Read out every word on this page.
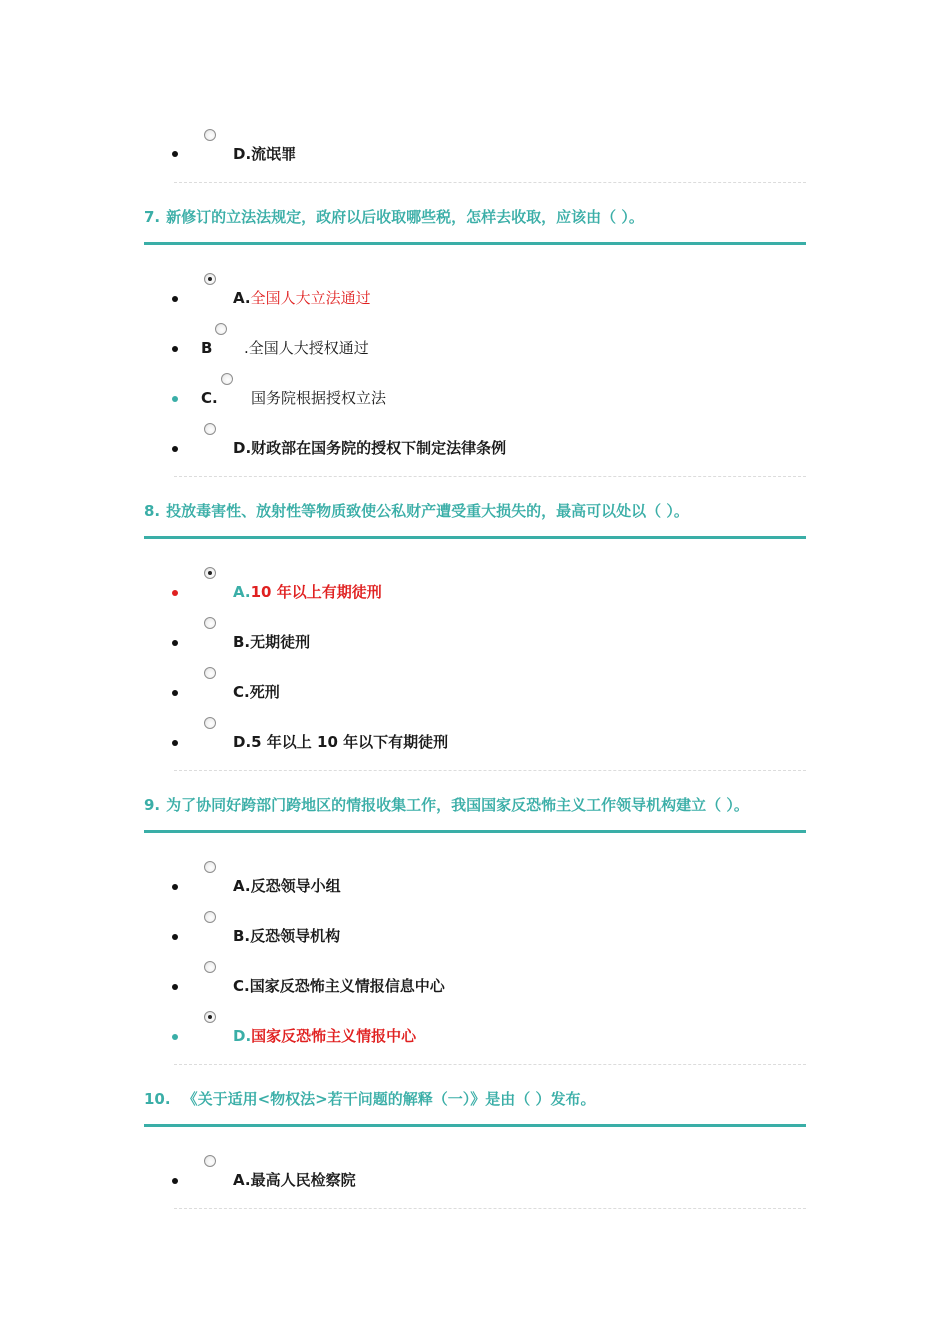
D.流氓罪
7. 新修订的立法法规定，政府以后收取哪些税，怎样去收取，应该由（ ）。
A.全国人大立法通过
B .全国人大授权通过
C. 国务院根据授权立法
D.财政部在国务院的授权下制定法律条例
8. 投放毒害性、放射性等物质致使公私财产遭受重大损失的，最高可以处以（ ）。
A.10 年以上有期徒刑
B.无期徒刑
C.死刑
D.5 年以上 10 年以下有期徒刑
9. 为了协同好跨部门跨地区的情报收集工作，我国国家反恐怖主义工作领导机构建立（ ）。
A.反恐领导小组
B.反恐领导机构
C.国家反恐怖主义情报信息中心
D.国家反恐怖主义情报中心
10. 《关于适用<物权法>若干问题的解释（一）》是由（ ）发布。
A.最高人民检察院
